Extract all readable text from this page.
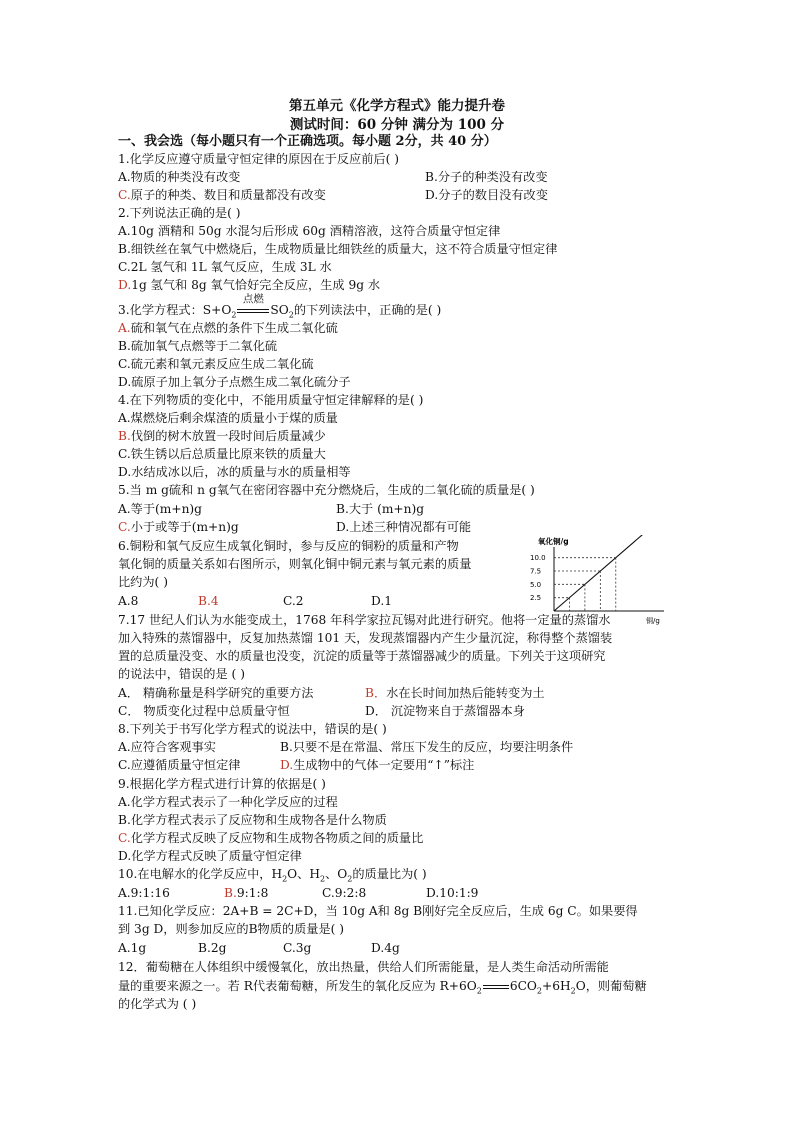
第五单元《化学方程式》能力提升卷
测试时间：60 分钟 满分为 100 分
一、我会选（每小题只有一个正确选项。每小题 2分，共 40 分）
1.化学反应遵守质量守恒定律的原因在于反应前后( )
A.物质的种类没有改变	B.分子的种类没有改变
C.原子的种类、数目和质量都没有改变	D.分子的数目没有改变
2.下列说法正确的是( )
A.10g 酒精和 50g 水混匀后形成 60g 酒精溶液，这符合质量守恒定律
B.细铁丝在氧气中燃烧后，生成物质量比细铁丝的质量大，这不符合质量守恒定律
C.2L 氢气和 1L 氧气反应，生成 3L 水
D.1g 氢气和 8g 氧气恰好完全反应，生成 9g 水
3.化学方程式：$S+O_2$
点燃
$SO_2$的下列读法中，正确的是( )
A.硫和氧气在点燃的条件下生成二氧化硫
B.硫加氧气点燃等于二氧化硫
C.硫元素和氧元素反应生成二氧化硫
D.硫原子加上氧分子点燃生成二氧化硫分子
4.在下列物质的变化中，不能用质量守恒定律解释的是( )
A.煤燃烧后剩余煤渣的质量小于煤的质量
B.伐倒的树木放置一段时间后质量减少
C.铁生锈以后总质量比原来铁的质量大
D.水结成冰以后，冰的质量与水的质量相等
5.当 m g硫和 n g氧气在密闭容器中充分燃烧后，生成的二氧化硫的质量是( )
A.等于(m+n)g	B.大于 (m+n)g
C.小于或等于(m+n)g	D.上述三种情况都有可能
6.铜粉和氧气反应生成氧化铜时，参与反应的铜粉的质量和产物
氧化铜的质量关系如右图所示，则氧化铜中铜元素与氧元素的质量
比约为( )
A.8	B.4	C.2	D.1
氧化铜/g
10.0
7.5
5.0
2.5
铜/g
7.17 世纪人们认为水能变成土，1768 年科学家拉瓦锡对此进行研究。他将一定量的蒸馏水
加入特殊的蒸馏器中，反复加热蒸馏 101 天，发现蒸馏器内产生少量沉淀，称得整个蒸馏装
置的总质量没变、水的质量也没变，沉淀的质量等于蒸馏器减少的质量。下列关于这项研究
的说法中，错误的是 ( )
A． 精确称量是科学研究的重要方法	B．水在长时间加热后能转变为土
C． 物质变化过程中总质量守恒	D． 沉淀物来自于蒸馏器本身
8.下列关于书写化学方程式的说法中，错误的是( )
A.应符合客观事实	B.只要不是在常温、常压下发生的反应，均要注明条件
C.应遵循质量守恒定律	D.生成物中的气体一定要用“↑”标注
9.根据化学方程式进行计算的依据是( )
A.化学方程式表示了一种化学反应的过程
B.化学方程式表示了反应物和生成物各是什么物质
C.化学方程式反映了反应物和生成物各物质之间的质量比
D.化学方程式反映了质量守恒定律
10.在电解水的化学反应中，$H_2O$、$H_2$、$O_2$的质量比为( )
A.9:1:16	B.9:1:8	C.9:2:8	D.10:1:9
11.已知化学反应：2A+B = 2C+D，当 10g A和 8g B刚好完全反应后，生成 6g C。如果要得
到 3g D，则参加反应的B物质的质量是( )
A.1g	B.2g	C.3g	D.4g
12．葡萄糖在人体组织中缓慢氧化，放出热量，供给人们所需能量，是人类生命活动所需能
量的重要来源之一。若 R代表葡萄糖，所发生的氧化反应为 $R+6O_2$ $6CO_2+6H_2O$，则葡萄糖
的化学式为 ( )
